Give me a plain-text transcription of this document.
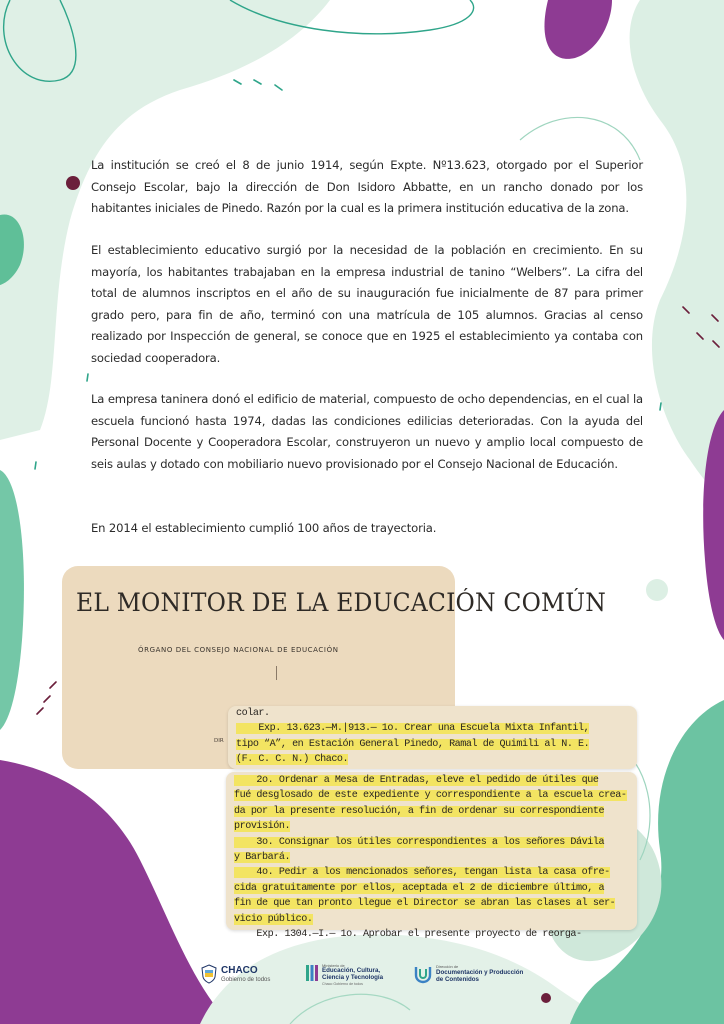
La institución se creó el 8 de junio 1914, según Expte. Nº13.623, otorgado por el Superior Consejo Escolar, bajo la dirección de Don Isidoro Abbatte, en un rancho donado por los habitantes iniciales de Pinedo. Razón por la cual es la primera institución educativa de la zona.
El establecimiento educativo surgió por la necesidad de la población en crecimiento. En su mayoría, los habitantes trabajaban en la empresa industrial de tanino “Welbers”. La cifra del total de alumnos inscriptos en el año de su inauguración fue inicialmente de 87 para primer grado pero, para fin de año, terminó con una matrícula de 105 alumnos. Gracias al censo realizado por Inspección de general, se conoce que en 1925 el establecimiento ya contaba con sociedad cooperadora.
La empresa taninera donó el edificio de material, compuesto de ocho dependencias, en el cual la escuela funcionó hasta 1974, dadas las condiciones edilicias deterioradas. Con la ayuda del Personal Docente y Cooperadora Escolar, construyeron un nuevo y amplio local compuesto de seis aulas y dotado con mobiliario nuevo provisionado por el Consejo Nacional de Educación.
En 2014 el establecimiento cumplió 100 años de trayectoria.
EL MONITOR DE LA EDUCACIÓN COMÚN
ÓRGANO DEL CONSEJO NACIONAL DE EDUCACIÓN
DIR
colar.
Exp. 13.623.—M.|913.— 1o. Crear una Escuela Mixta Infantil,
tipo “A”, en Estación General Pinedo, Ramal de Quimili al N. E.
(F. C. C. N.) Chaco.
2o. Ordenar a Mesa de Entradas, eleve el pedido de útiles que
fué desglosado de este expediente y correspondiente a la escuela crea-
da por la presente resolución, a fin de ordenar su correspondiente
provisión.
3o. Consignar los útiles correspondientes a los señores Dávila
y Barbará.
4o. Pedir a los mencionados señores, tengan lista la casa ofre-
cida gratuitamente por ellos, aceptada el 2 de diciembre último, a
fin de que tan pronto llegue el Director se abran las clases al ser-
vicio público.
Exp. 1304.—I.— 1o. Aprobar el presente proyecto de reorga-
CHACO
Gobierno de todos
Ministerio de
Educación, Cultura,
Ciencia y Tecnología
Chaco Gobierno de todos
Dirección de
Documentación y Producción
de Contenidos
